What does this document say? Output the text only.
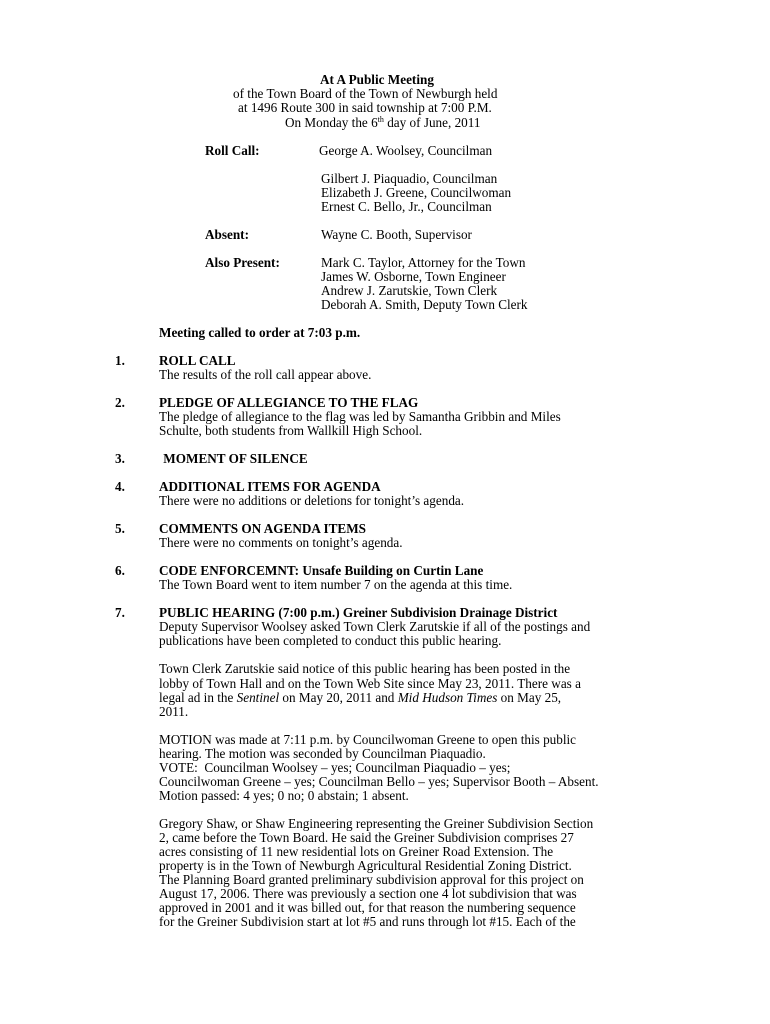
At A Public Meeting
of the Town Board of the Town of Newburgh held
at 1496 Route 300 in said township at 7:00 P.M.
On Monday the 6th day of June, 2011
Roll Call:	George A. Woolsey, Councilman
Gilbert J. Piaquadio, Councilman
Elizabeth J. Greene, Councilwoman
Ernest C. Bello, Jr., Councilman
Absent:	Wayne C. Booth, Supervisor
Also Present:	Mark C. Taylor, Attorney for the Town
James W. Osborne, Town Engineer
Andrew J. Zarutskie, Town Clerk
Deborah A. Smith, Deputy Town Clerk
Meeting called to order at 7:03 p.m.
1.	ROLL CALL
The results of the roll call appear above.
2.	PLEDGE OF ALLEGIANCE TO THE FLAG
The pledge of allegiance to the flag was led by Samantha Gribbin and Miles
Schulte, both students from Wallkill High School.
3.	MOMENT OF SILENCE
4.	ADDITIONAL ITEMS FOR AGENDA
There were no additions or deletions for tonight’s agenda.
5.	COMMENTS ON AGENDA ITEMS
There were no comments on tonight’s agenda.
6.	CODE ENFORCEMNT: Unsafe Building on Curtin Lane
The Town Board went to item number 7 on the agenda at this time.
7.	PUBLIC HEARING (7:00 p.m.) Greiner Subdivision Drainage District
Deputy Supervisor Woolsey asked Town Clerk Zarutskie if all of the postings and
publications have been completed to conduct this public hearing.
Town Clerk Zarutskie said notice of this public hearing has been posted in the
lobby of Town Hall and on the Town Web Site since May 23, 2011. There was a
legal ad in the Sentinel on May 20, 2011 and Mid Hudson Times on May 25,
2011.
MOTION was made at 7:11 p.m. by Councilwoman Greene to open this public
hearing. The motion was seconded by Councilman Piaquadio.
VOTE:  Councilman Woolsey – yes; Councilman Piaquadio – yes;
Councilwoman Greene – yes; Councilman Bello – yes; Supervisor Booth – Absent.
Motion passed: 4 yes; 0 no; 0 abstain; 1 absent.
Gregory Shaw, or Shaw Engineering representing the Greiner Subdivision Section
2, came before the Town Board. He said the Greiner Subdivision comprises 27
acres consisting of 11 new residential lots on Greiner Road Extension. The
property is in the Town of Newburgh Agricultural Residential Zoning District.
The Planning Board granted preliminary subdivision approval for this project on
August 17, 2006. There was previously a section one 4 lot subdivision that was
approved in 2001 and it was billed out, for that reason the numbering sequence
for the Greiner Subdivision start at lot #5 and runs through lot #15. Each of the
